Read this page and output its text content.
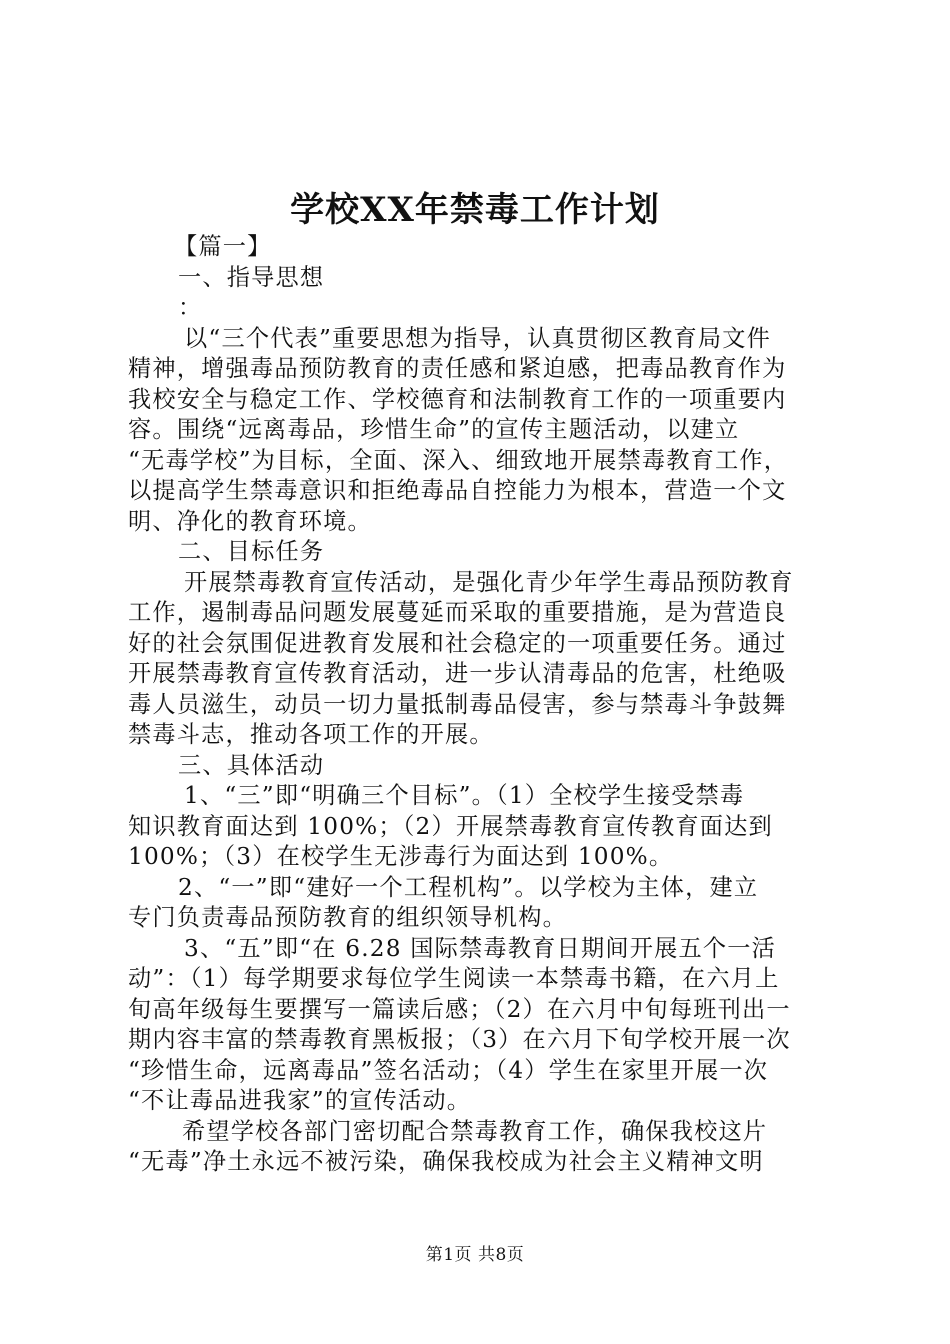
学校XX年禁毒工作计划
【篇一】
一、指导思想
：
以“三个代表”重要思想为指导，认真贯彻区教育局文件
精神，增强毒品预防教育的责任感和紧迫感，把毒品教育作为
我校安全与稳定工作、学校德育和法制教育工作的一项重要内
容。围绕“远离毒品，珍惜生命”的宣传主题活动，以建立
“无毒学校”为目标，全面、深入、细致地开展禁毒教育工作，
以提高学生禁毒意识和拒绝毒品自控能力为根本，营造一个文
明、净化的教育环境。
二、目标任务
开展禁毒教育宣传活动，是强化青少年学生毒品预防教育
工作，遏制毒品问题发展蔓延而采取的重要措施，是为营造良
好的社会氛围促进教育发展和社会稳定的一项重要任务。通过
开展禁毒教育宣传教育活动，进一步认清毒品的危害，杜绝吸
毒人员滋生，动员一切力量抵制毒品侵害，参与禁毒斗争鼓舞
禁毒斗志，推动各项工作的开展。
三、具体活动
1、“三”即“明确三个目标”。（1）全校学生接受禁毒
知识教育面达到 100%；（2）开展禁毒教育宣传教育面达到
100%；（3）在校学生无涉毒行为面达到 100%。
2、“一”即“建好一个工程机构”。以学校为主体，建立
专门负责毒品预防教育的组织领导机构。
3、“五”即“在 6.28 国际禁毒教育日期间开展五个一活
动”：（1）每学期要求每位学生阅读一本禁毒书籍，在六月上
旬高年级每生要撰写一篇读后感；（2）在六月中旬每班刊出一
期内容丰富的禁毒教育黑板报；（3）在六月下旬学校开展一次
“珍惜生命，远离毒品”签名活动；（4）学生在家里开展一次
“不让毒品进我家”的宣传活动。
希望学校各部门密切配合禁毒教育工作，确保我校这片
“无毒”净土永远不被污染，确保我校成为社会主义精神文明
第1页 共8页
